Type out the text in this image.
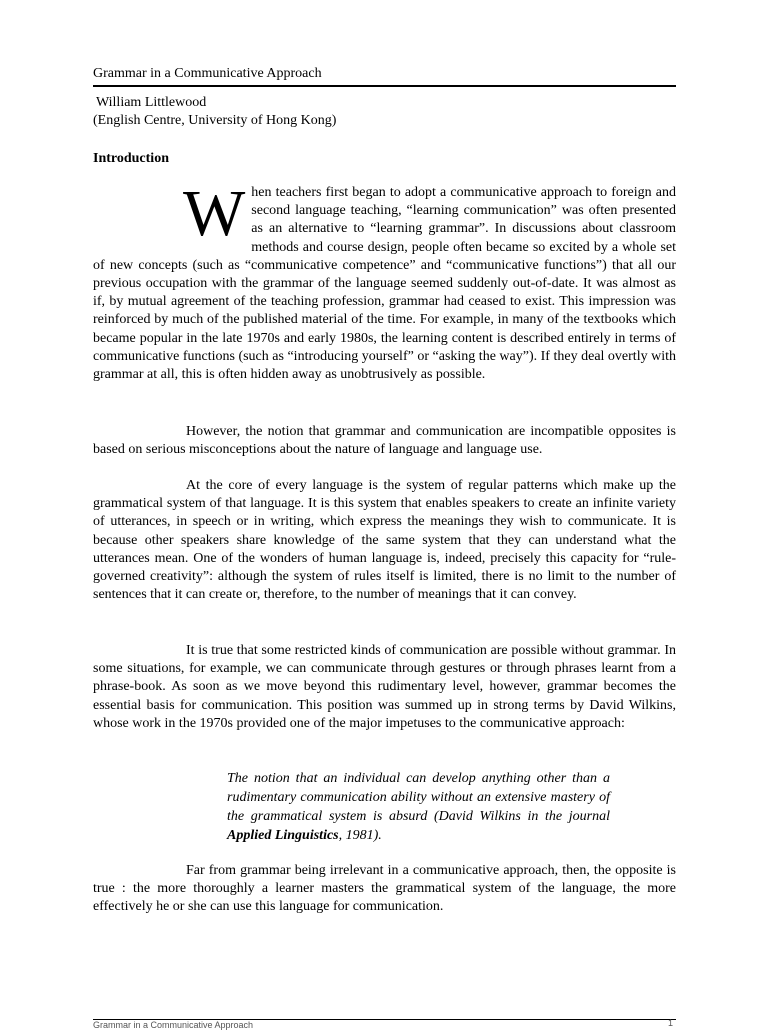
Grammar in a Communicative Approach
William Littlewood
(English Centre, University of Hong Kong)
Introduction
When teachers first began to adopt a communicative approach to foreign and second language teaching, “learning communication” was often presented as an alternative to “learning grammar”. In discussions about classroom methods and course design, people often became so excited by a whole set of new concepts (such as “communicative competence” and “communicative functions”) that all our previous occupation with the grammar of the language seemed suddenly out-of-date. It was almost as if, by mutual agreement of the teaching profession, grammar had ceased to exist. This impression was reinforced by much of the published material of the time. For example, in many of the textbooks which became popular in the late 1970s and early 1980s, the learning content is described entirely in terms of communicative functions (such as “introducing yourself” or “asking the way”). If they deal overtly with grammar at all, this is often hidden away as unobtrusively as possible.
However, the notion that grammar and communication are incompatible opposites is based on serious misconceptions about the nature of language and language use.
At the core of every language is the system of regular patterns which make up the grammatical system of that language. It is this system that enables speakers to create an infinite variety of utterances, in speech or in writing, which express the meanings they wish to communicate. It is because other speakers share knowledge of the same system that they can understand what the utterances mean. One of the wonders of human language is, indeed, precisely this capacity for “rule-governed creativity”: although the system of rules itself is limited, there is no limit to the number of sentences that it can create or, therefore, to the number of meanings that it can convey.
It is true that some restricted kinds of communication are possible without grammar. In some situations, for example, we can communicate through gestures or through phrases learnt from a phrase-book. As soon as we move beyond this rudimentary level, however, grammar becomes the essential basis for communication. This position was summed up in strong terms by David Wilkins, whose work in the 1970s provided one of the major impetuses to the communicative approach:
The notion that an individual can develop anything other than a rudimentary communication ability without an extensive mastery of the grammatical system is absurd (David Wilkins in the journal Applied Linguistics, 1981).
Far from grammar being irrelevant in a communicative approach, then, the opposite is true : the more thoroughly a learner masters the grammatical system of the language, the more effectively he or she can use this language for communication.
Grammar in a Communicative Approach	1
